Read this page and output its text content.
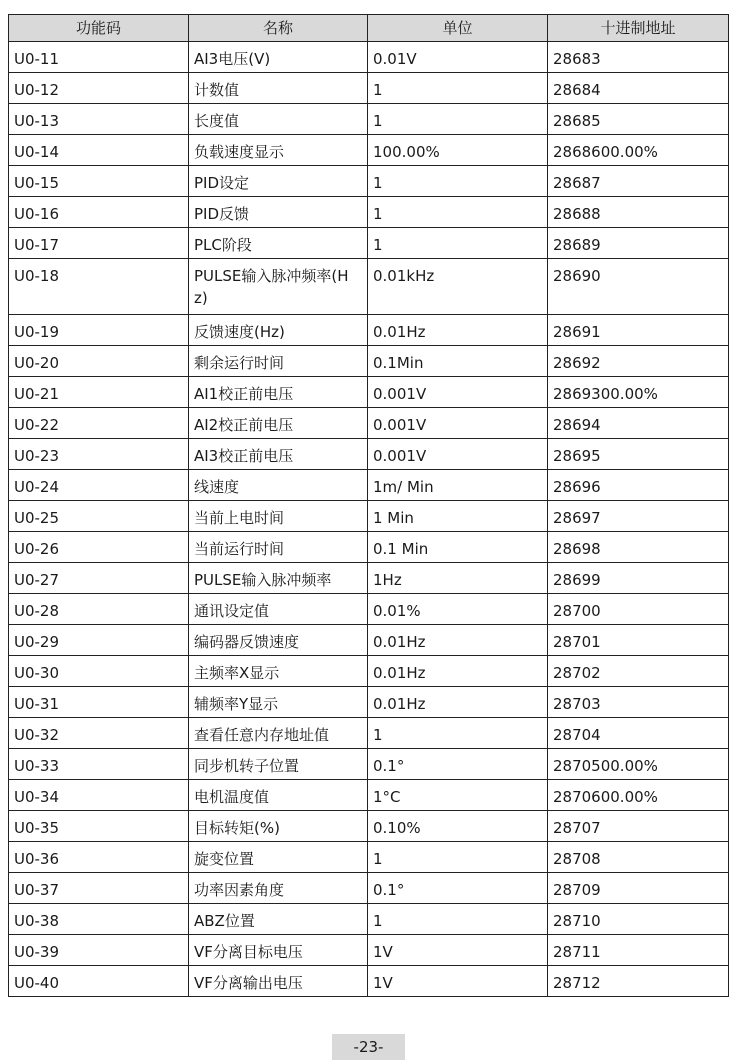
功能码	名称	单位	十进制地址
U0-11	AI3电压(V)	0.01V	28683
U0-12	计数值	1	28684
U0-13	长度值	1	28685
U0-14	负载速度显示	100.00%	2868600.00%
U0-15	PID设定	1	28687
U0-16	PID反馈	1	28688
U0-17	PLC阶段	1	28689
U0-18	PULSE输入脉冲频率(Hz)	0.01kHz	28690
U0-19	反馈速度(Hz)	0.01Hz	28691
U0-20	剩余运行时间	0.1Min	28692
U0-21	AI1校正前电压	0.001V	2869300.00%
U0-22	AI2校正前电压	0.001V	28694
U0-23	AI3校正前电压	0.001V	28695
U0-24	线速度	1m/ Min	28696
U0-25	当前上电时间	1 Min	28697
U0-26	当前运行时间	0.1 Min	28698
U0-27	PULSE输入脉冲频率	1Hz	28699
U0-28	通讯设定值	0.01%	28700
U0-29	编码器反馈速度	0.01Hz	28701
U0-30	主频率X显示	0.01Hz	28702
U0-31	辅频率Y显示	0.01Hz	28703
U0-32	查看任意内存地址值	1	28704
U0-33	同步机转子位置	0.1°	2870500.00%
U0-34	电机温度值	1°C	2870600.00%
U0-35	目标转矩(%)	0.10%	28707
U0-36	旋变位置	1	28708
U0-37	功率因素角度	0.1°	28709
U0-38	ABZ位置	1	28710
U0-39	VF分离目标电压	1V	28711
U0-40	VF分离输出电压	1V	28712
-23-
